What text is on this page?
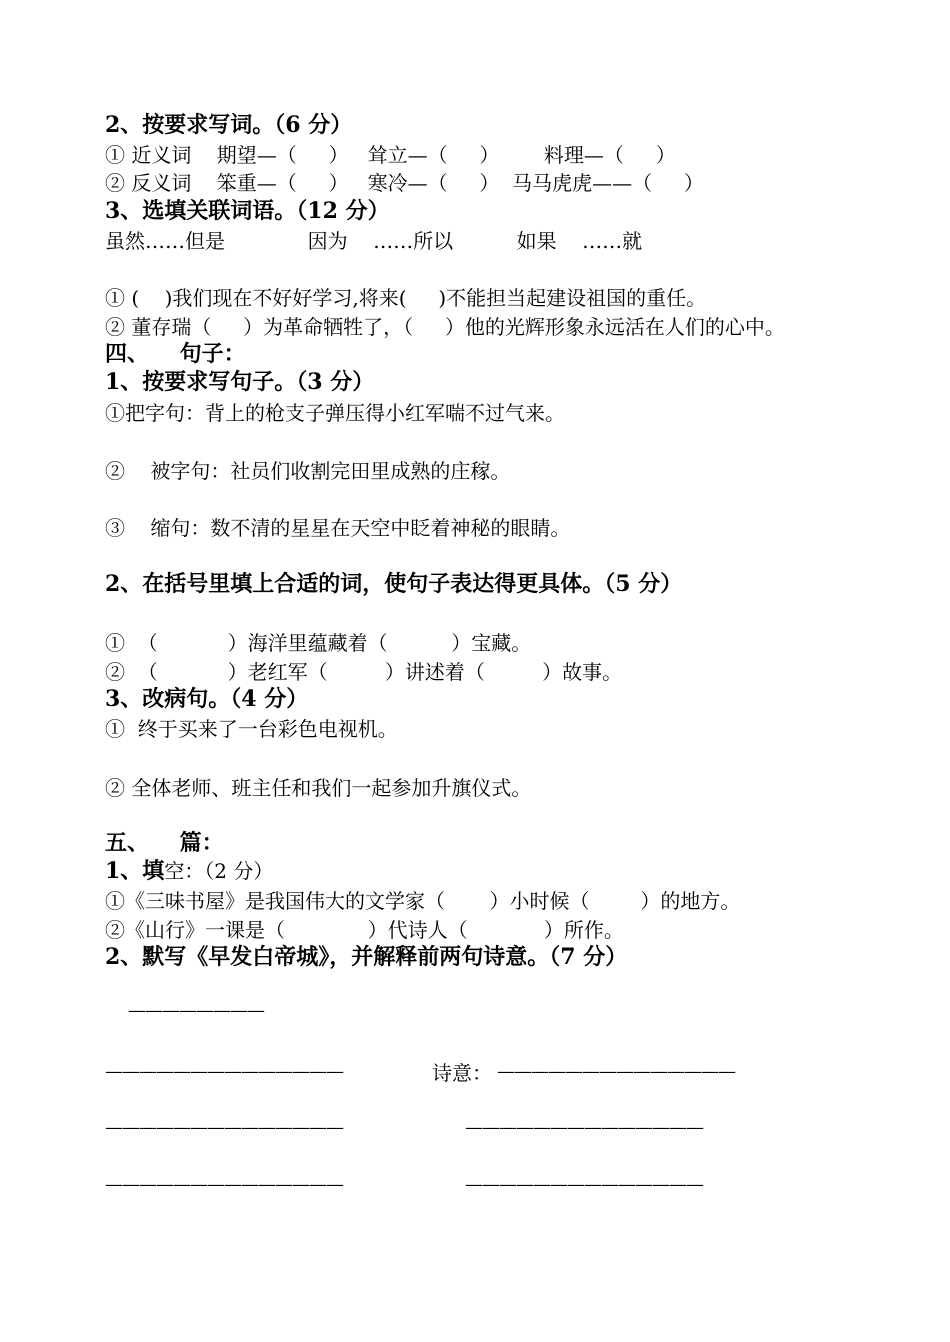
2、按要求写词。（6 分）
① 近义词    期望—（     ）   耸立—（     ）       料理—（     ）
② 反义词    笨重—（     ）   寒冷—（     ）  马马虎虎——（     ）
3、选填关联词语。（12 分）
虽然……但是             因为    ……所以          如果    ……就
① (    )我们现在不好好学习,将来(     )不能担当起建设祖国的重任。
② 董存瑞（     ）为革命牺牲了，（     ）他的光辉形象永远活在人们的心中。
四、    句子：
1、按要求写句子。（3 分）
①把字句：背上的枪支子弹压得小红军喘不过气来。
②    被字句：社员们收割完田里成熟的庄稼。
③    缩句：数不清的星星在天空中眨着神秘的眼睛。
2、在括号里填上合适的词，使句子表达得更具体。（5 分）
①  （           ）海洋里蕴藏着（          ）宝藏。
②  （           ）老红军（         ）讲述着（         ）故事。
3、改病句。（4 分）
①  终于买来了一台彩色电视机。
② 全体老师、班主任和我们一起参加升旗仪式。
五、    篇：
1、填空：（2 分）
①《三味书屋》是我国伟大的文学家（       ）小时候（        ）的地方。
②《山行》一课是（             ）代诗人（            ）所作。
2、默写《早发白帝城》，并解释前两句诗意。（7 分）
————————
——————————————	诗意： ——————————————
——————————————	——————————————
——————————————	——————————————
